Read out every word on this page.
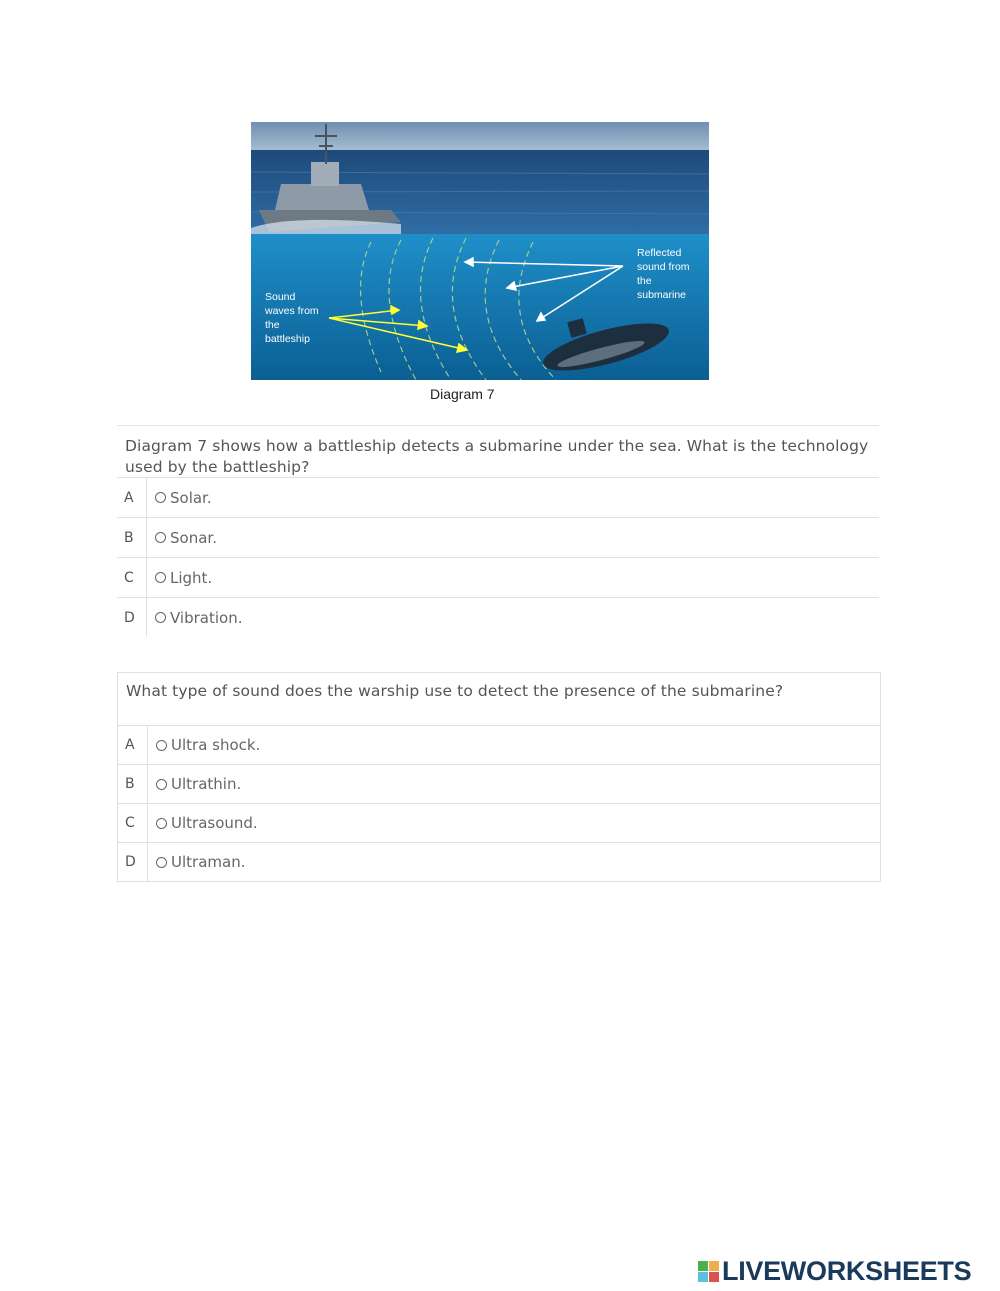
Sound
waves from
the
battleship
Reflected
sound from
the
submarine
Diagram 7
Diagram 7 shows how a battleship detects a submarine under the sea. What is the technology used by the battleship?
A	Solar.
B	Sonar.
C	Light.
D	Vibration.
What type of sound does the warship use to detect the presence of the submarine?
A	Ultra shock.
B	Ultrathin.
C	Ultrasound.
D	Ultraman.
LIVEWORKSHEETS
